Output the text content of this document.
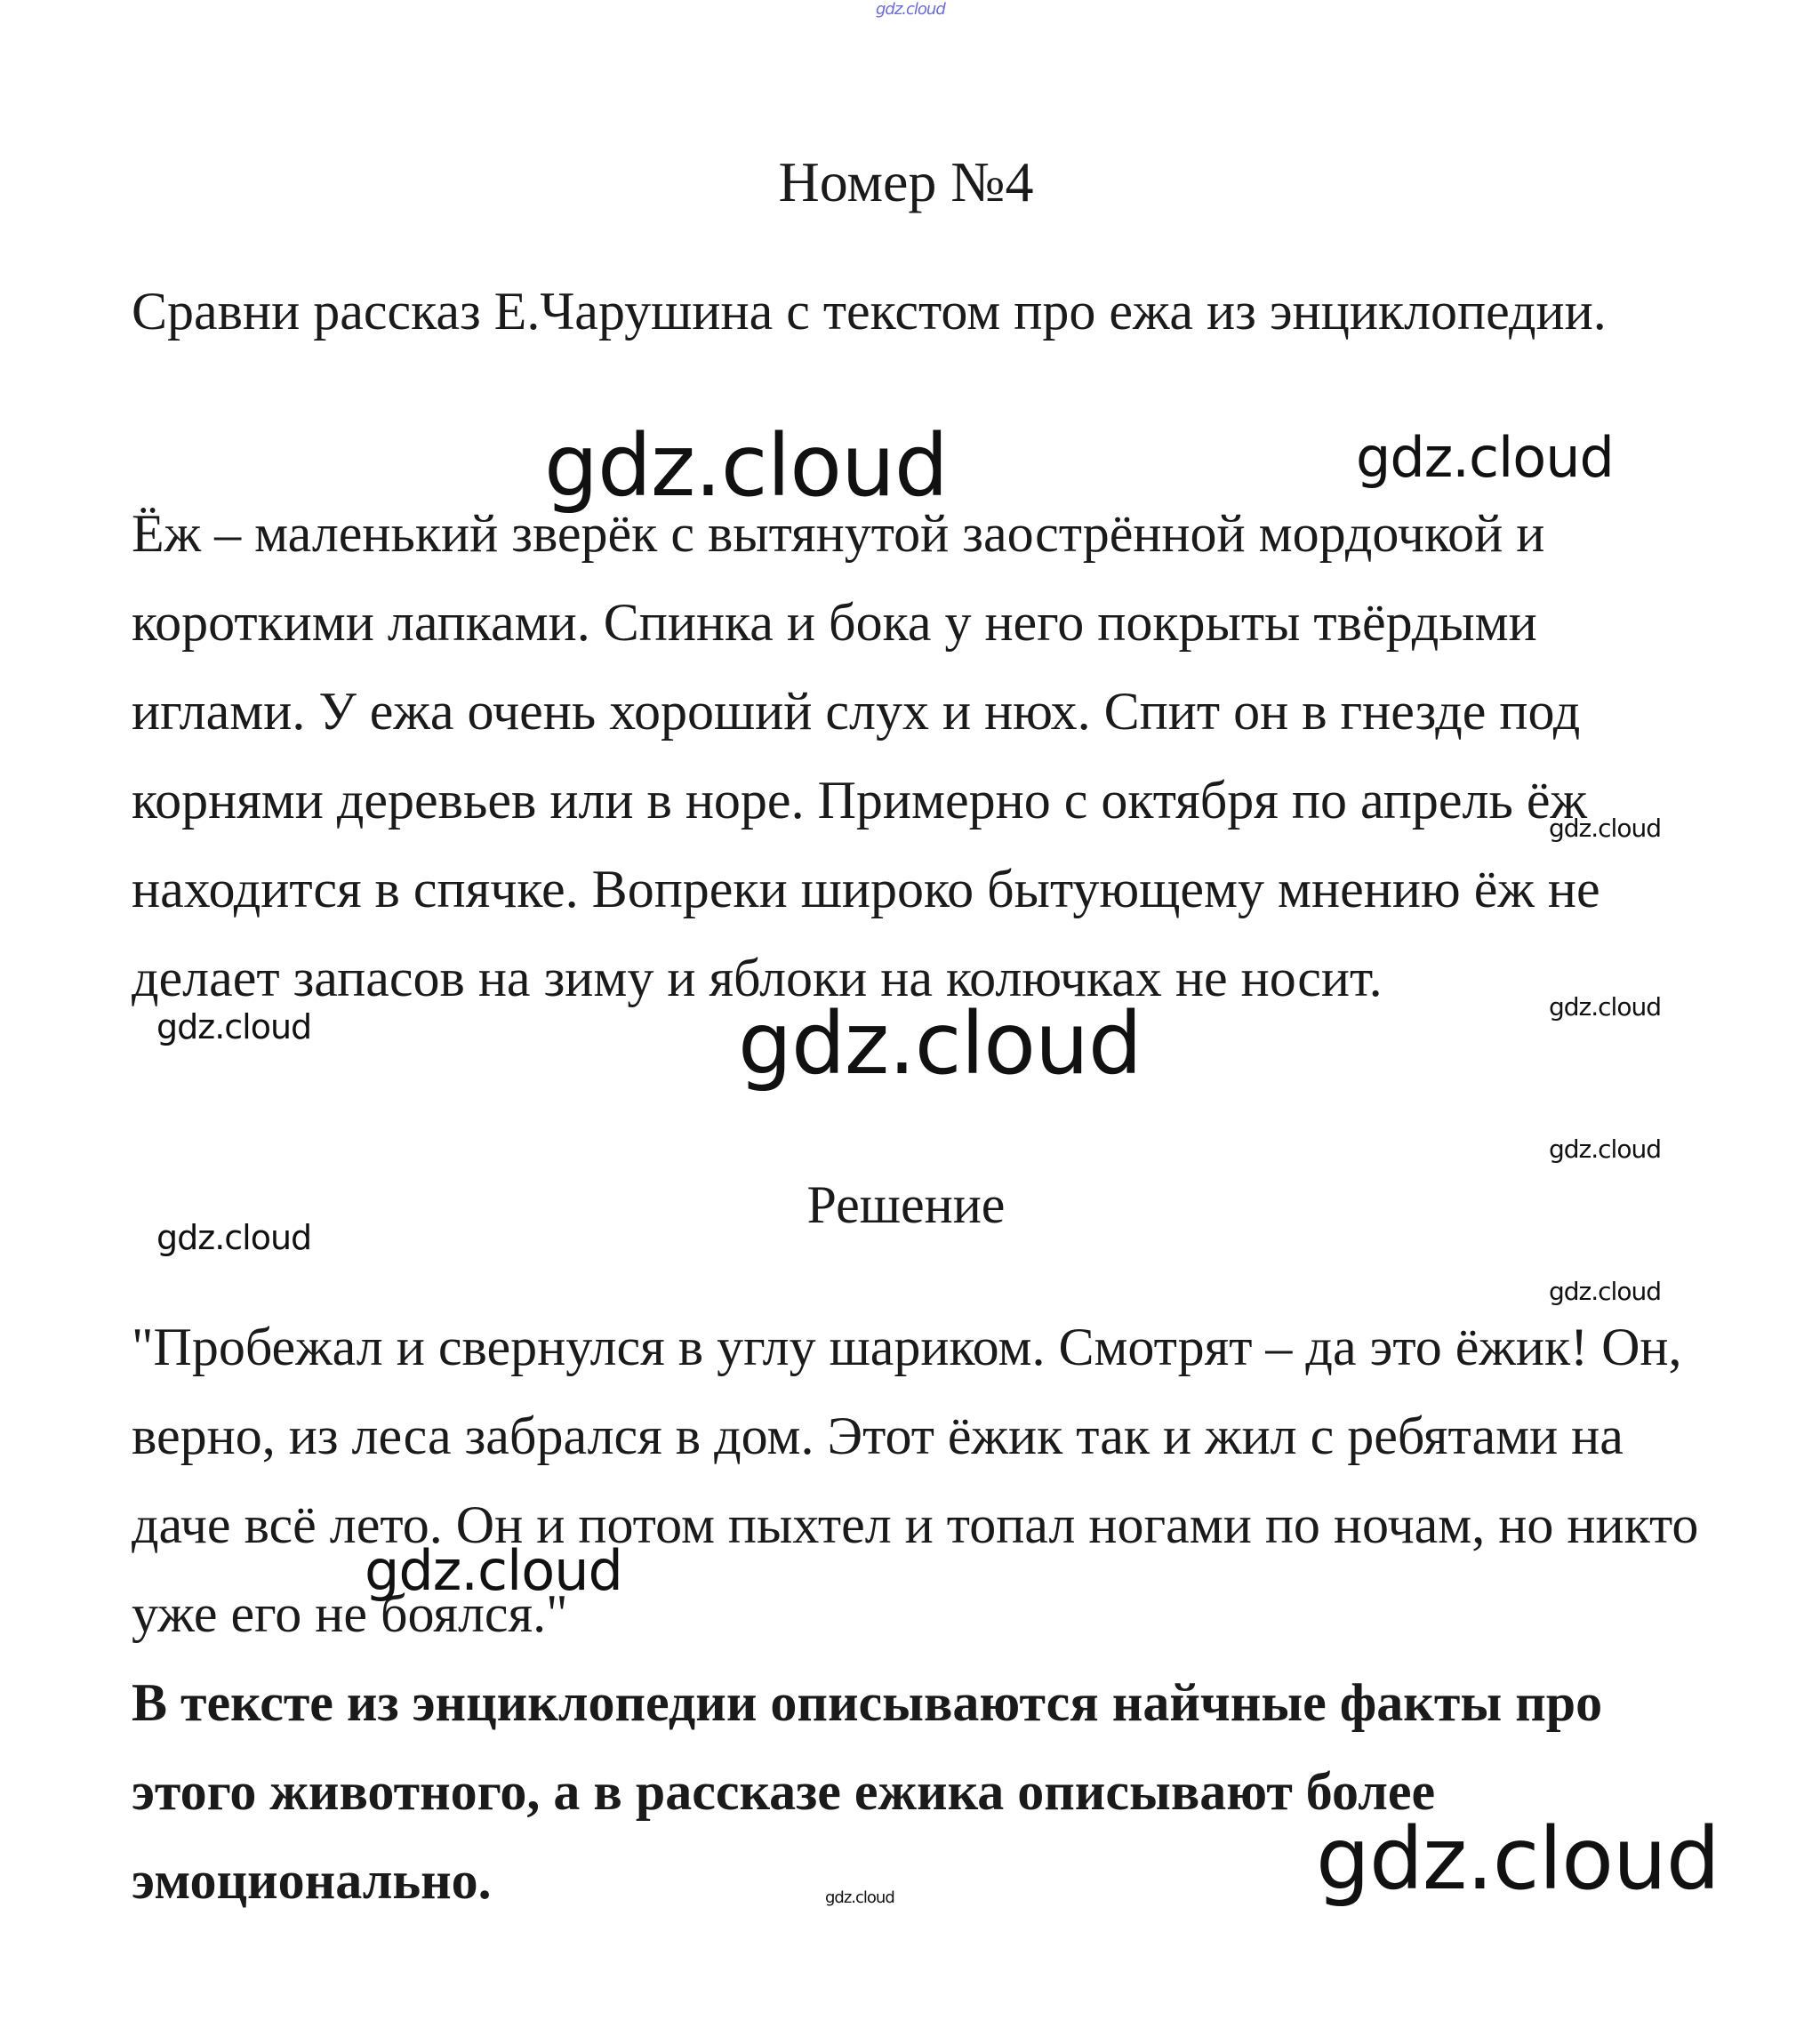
gdz.cloud
Номер №4

Сравни рассказ Е.Чарушина с текстом про ежа из энциклопедии.

Ёж – маленький зверёк с вытянутой заострённой мордочкой и короткими лапками. Спинка и бока у него покрыты твёрдыми иглами. У ежа очень хороший слух и нюх. Спит он в гнезде под корнями деревьев или в норе. Примерно с октября по апрель ёж находится в спячке. Вопреки широко бытующему мнению ёж не делает запасов на зиму и яблоки на колючках не носит.

Решение

"Пробежал и свернулся в углу шариком. Смотрят – да это ёжик! Он, верно, из леса забрался в дом. Этот ёжик так и жил с ребятами на даче всё лето. Он и потом пыхтел и топал ногами по ночам, но никто уже его не боялся."

В тексте из энциклопедии описываются найчные факты про этого животного, а в рассказе ежика описывают более эмоционально.

gdz.cloud	gdz.cloud
gdz.cloud
gdz.cloud
gdz.cloud	gdz.cloud
gdz.cloud
gdz.cloud
gdz.cloud
gdz.cloud
gdz.cloud
gdz.cloud
